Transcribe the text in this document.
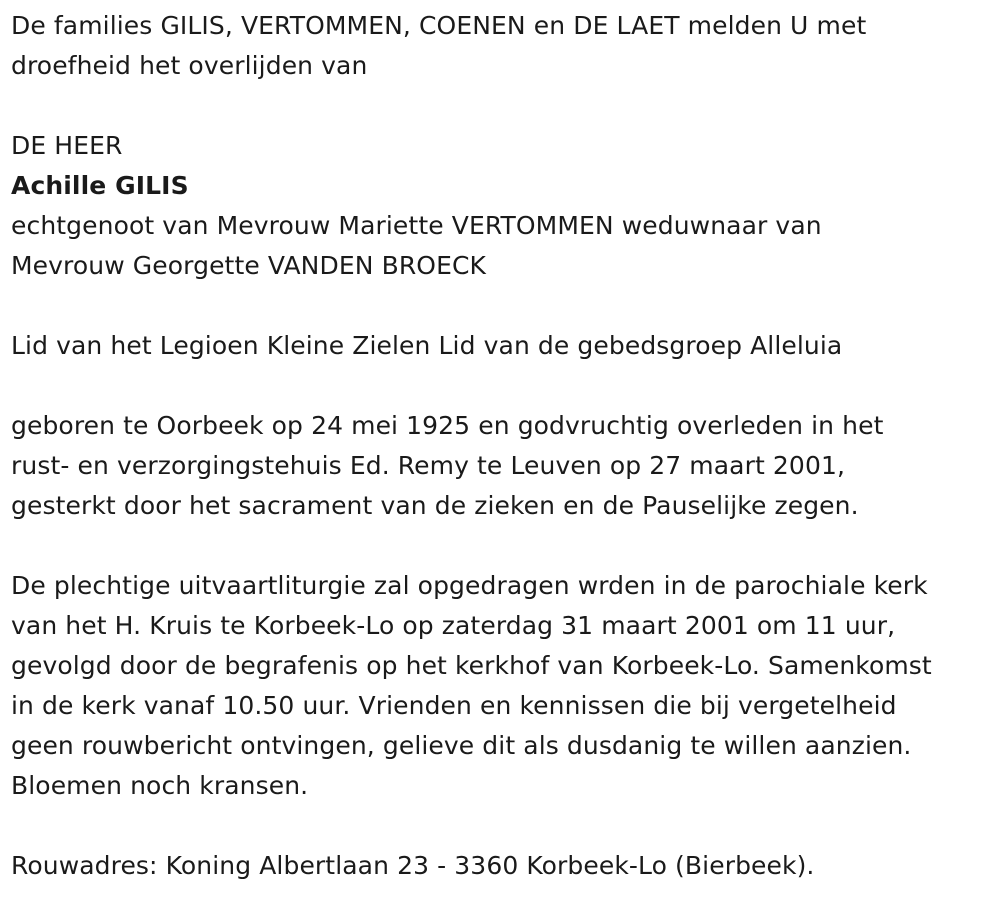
De families GILIS, VERTOMMEN, COENEN en DE LAET melden U met

droefheid het overlijden van

DE HEER

Achille GILIS

echtgenoot van Mevrouw Mariette VERTOMMEN weduwnaar van

Mevrouw Georgette VANDEN BROECK

Lid van het Legioen Kleine Zielen Lid van de gebedsgroep Alleluia

geboren te Oorbeek op 24 mei 1925 en godvruchtig overleden in het

rust- en verzorgingstehuis Ed. Remy te Leuven op 27 maart 2001,

gesterkt door het sacrament van de zieken en de Pauselijke zegen.

De plechtige uitvaartliturgie zal opgedragen wrden in de parochiale kerk

van het H. Kruis te Korbeek-Lo op zaterdag 31 maart 2001 om 11 uur,

gevolgd door de begrafenis op het kerkhof van Korbeek-Lo. Samenkomst

in de kerk vanaf 10.50 uur. Vrienden en kennissen die bij vergetelheid

geen rouwbericht ontvingen, gelieve dit als dusdanig te willen aanzien.

Bloemen noch kransen.

Rouwadres: Koning Albertlaan 23 - 3360 Korbeek-Lo (Bierbeek).
